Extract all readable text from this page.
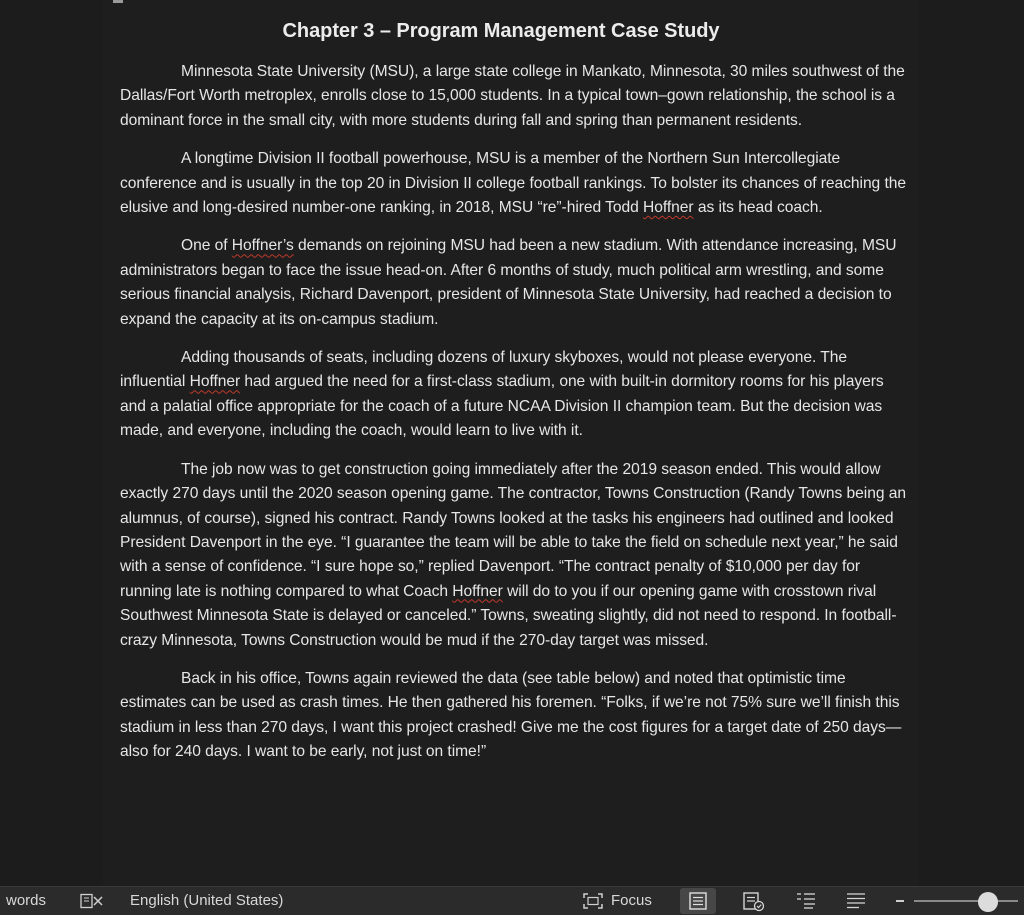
Chapter 3 – Program Management Case Study

Minnesota State University (MSU), a large state college in Mankato, Minnesota, 30 miles southwest of the Dallas/Fort Worth metroplex, enrolls close to 15,000 students. In a typical town–gown relationship, the school is a dominant force in the small city, with more students during fall and spring than permanent residents.

A longtime Division II football powerhouse, MSU is a member of the Northern Sun Intercollegiate conference and is usually in the top 20 in Division II college football rankings. To bolster its chances of reaching the elusive and long-desired number-one ranking, in 2018, MSU “re”-hired Todd Hoffner as its head coach.

One of Hoffner’s demands on rejoining MSU had been a new stadium. With attendance increasing, MSU administrators began to face the issue head-on. After 6 months of study, much political arm wrestling, and some serious financial analysis, Richard Davenport, president of Minnesota State University, had reached a decision to expand the capacity at its on-campus stadium.

Adding thousands of seats, including dozens of luxury skyboxes, would not please everyone. The influential Hoffner had argued the need for a first-class stadium, one with built-in dormitory rooms for his players and a palatial office appropriate for the coach of a future NCAA Division II champion team. But the decision was made, and everyone, including the coach, would learn to live with it.

The job now was to get construction going immediately after the 2019 season ended. This would allow exactly 270 days until the 2020 season opening game. The contractor, Towns Construction (Randy Towns being an alumnus, of course), signed his contract. Randy Towns looked at the tasks his engineers had outlined and looked President Davenport in the eye. “I guarantee the team will be able to take the field on schedule next year,” he said with a sense of confidence. “I sure hope so,” replied Davenport. “The contract penalty of $10,000 per day for running late is nothing compared to what Coach Hoffner will do to you if our opening game with crosstown rival Southwest Minnesota State is delayed or canceled.” Towns, sweating slightly, did not need to respond. In football-crazy Minnesota, Towns Construction would be mud if the 270-day target was missed.

Back in his office, Towns again reviewed the data (see table below) and noted that optimistic time estimates can be used as crash times. He then gathered his foremen. “Folks, if we’re not 75% sure we’ll finish this stadium in less than 270 days, I want this project crashed! Give me the cost figures for a target date of 250 days—also for 240 days. I want to be early, not just on time!”

words	English (United States)	Focus
